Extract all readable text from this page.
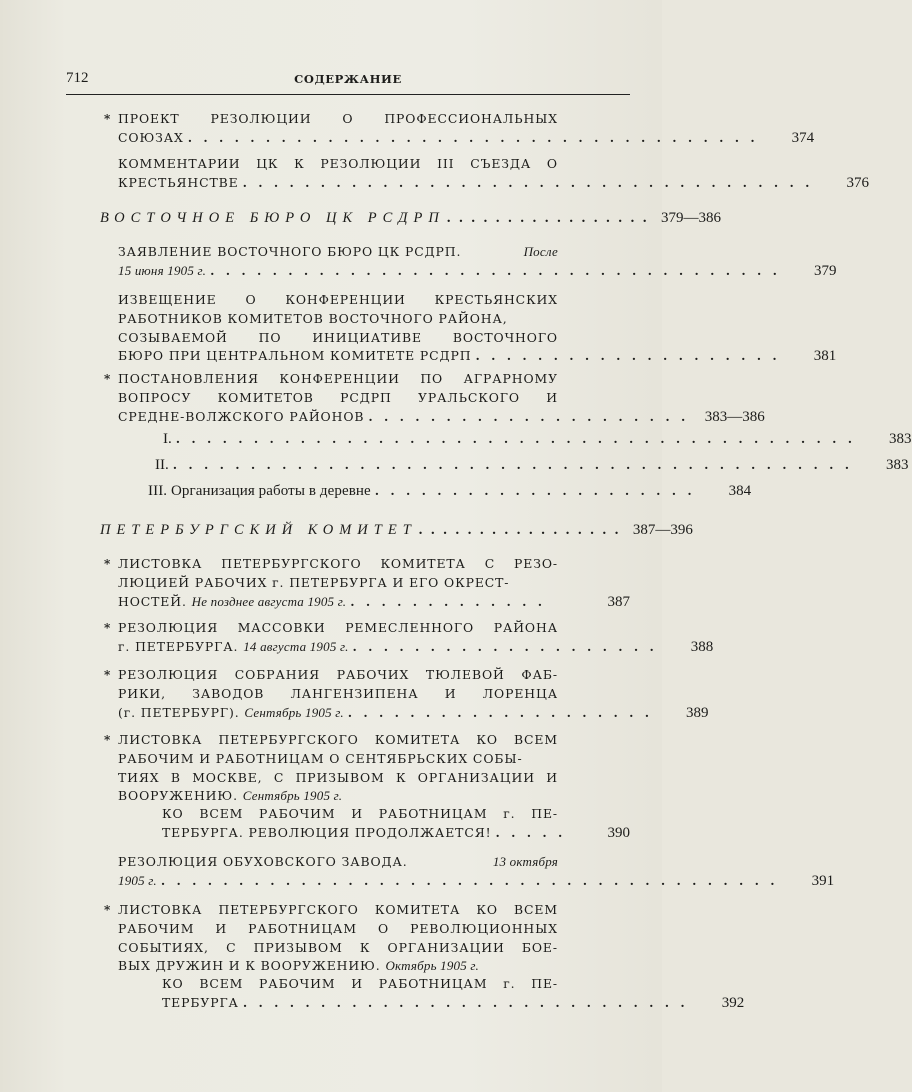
712	СОДЕРЖАНИЕ
* ПРОЕКТ РЕЗОЛЮЦИИ О ПРОФЕССИОНАЛЬНЫХ
СОЮЗАХ . . . . . . . . . . . . . . . . . . . . . . . . . . . . . . . . . . . . .	374
КОММЕНТАРИИ ЦК К РЕЗОЛЮЦИИ III СЪЕЗДА О
КРЕСТЬЯНСТВЕ . . . . . . . . . . . . . . . . . . . . . . . . . . . . . . . . . . . . .	376
ВОСТОЧНОЕ БЮРО ЦК РСДРП . . . . . . . . . . . . . . . . . 379—386
ЗАЯВЛЕНИЕ ВОСТОЧНОГО БЮРО ЦК РСДРП.	После
15 июня 1905 г. . . . . . . . . . . . . . . . . . . . . . . . . . . . . . . . . . . . . .	379
ИЗВЕЩЕНИЕ О КОНФЕРЕНЦИИ КРЕСТЬЯНСКИХ
РАБОТНИКОВ КОМИТЕТОВ ВОСТОЧНОГО РАЙОНА,
СОЗЫВАЕМОЙ ПО ИНИЦИАТИВЕ ВОСТОЧНОГО
БЮРО ПРИ ЦЕНТРАЛЬНОМ КОМИТЕТЕ РСДРП . . . . . . . . . . . . . . . . . . . .	381
* ПОСТАНОВЛЕНИЯ КОНФЕРЕНЦИИ ПО АГРАРНОМУ
ВОПРОСУ КОМИТЕТОВ РСДРП УРАЛЬСКОГО И
СРЕДНЕ-ВОЛЖСКОГО РАЙОНОВ . . . . . . . . . . . . . . . . . . . . .	383—386
I. . . . . . . . . . . . . . . . . . . . . . . . . . . . . . . . . . . . . . . . . . . . .	383
II. . . . . . . . . . . . . . . . . . . . . . . . . . . . . . . . . . . . . . . . . . . . .	383
III. Организация работы в деревне . . . . . . . . . . . . . . . . . . . . .	384
ПЕТЕРБУРГСКИЙ КОМИТЕТ . . . . . . . . . . . . . . . . . 387—396
* ЛИСТОВКА ПЕТЕРБУРГСКОГО КОМИТЕТА С РЕЗО-
ЛЮЦИЕЙ РАБОЧИХ г. ПЕТЕРБУРГА И ЕГО ОКРЕСТ-
НОСТЕЙ.
Не позднее августа 1905 г. . . . . . . . . . . . . .	387
* РЕЗОЛЮЦИЯ МАССОВКИ РЕМЕСЛЕННОГО РАЙОНА
г. ПЕТЕРБУРГА.
14 августа 1905 г. . . . . . . . . . . . . . . . . . . . .	388
* РЕЗОЛЮЦИЯ СОБРАНИЯ РАБОЧИХ ТЮЛЕВОЙ ФАБ-
РИКИ, ЗАВОДОВ ЛАНГЕНЗИПЕНА И ЛОРЕНЦА
(г. ПЕТЕРБУРГ).
Сентябрь 1905 г. . . . . . . . . . . . . . . . . . . . .	389
* ЛИСТОВКА ПЕТЕРБУРГСКОГО КОМИТЕТА КО ВСЕМ
РАБОЧИМ И РАБОТНИЦАМ О СЕНТЯБРЬСКИХ СОБЫ-
ТИЯХ В МОСКВЕ, С ПРИЗЫВОМ К ОРГАНИЗАЦИИ И
ВООРУЖЕНИЮ.
Сентябрь 1905 г.
КО ВСЕМ РАБОЧИМ И РАБОТНИЦАМ г. ПЕ-
ТЕРБУРГА. РЕВОЛЮЦИЯ ПРОДОЛЖАЕТСЯ! . . . . .	390
РЕЗОЛЮЦИЯ ОБУХОВСКОГО ЗАВОДА.	13 октября
1905 г. . . . . . . . . . . . . . . . . . . . . . . . . . . . . . . . . . . . . . . . .	391
* ЛИСТОВКА ПЕТЕРБУРГСКОГО КОМИТЕТА КО ВСЕМ
РАБОЧИМ И РАБОТНИЦАМ О РЕВОЛЮЦИОННЫХ
СОБЫТИЯХ, С ПРИЗЫВОМ К ОРГАНИЗАЦИИ БОЕ-
ВЫХ ДРУЖИН И К ВООРУЖЕНИЮ.
Октябрь 1905 г.
КО ВСЕМ РАБОЧИМ И РАБОТНИЦАМ г. ПЕ-
ТЕРБУРГА . . . . . . . . . . . . . . . . . . . . . . . . . . . . .	392
